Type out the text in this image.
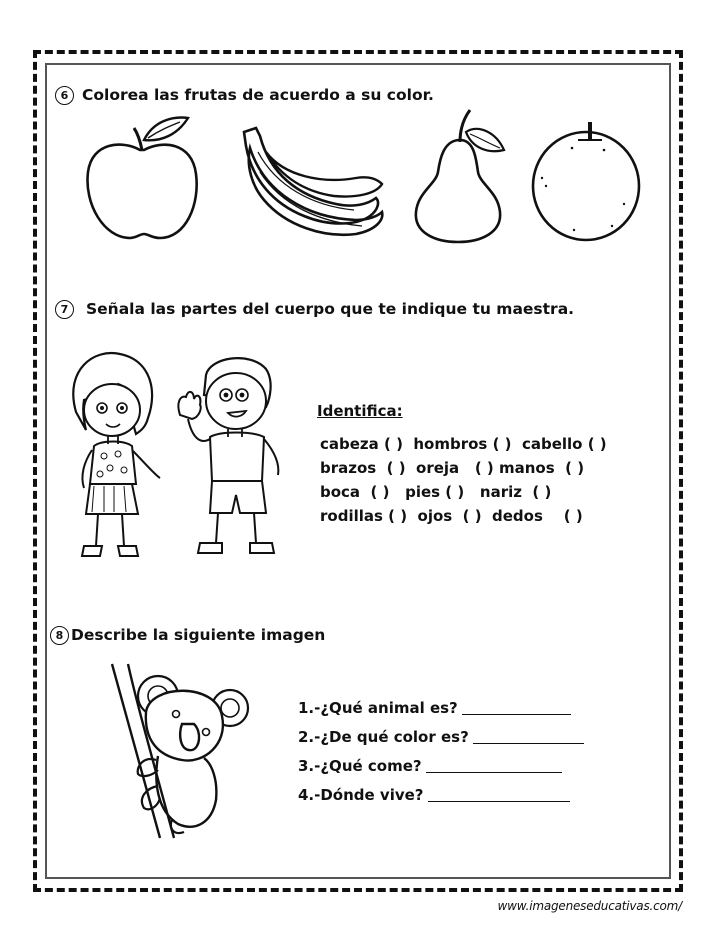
6 Colorea las frutas de acuerdo a su color.
7 Señala las partes del cuerpo que te indique tu maestra.
Identifica:
cabeza ( )  hombros ( )  cabello ( )
brazos  ( )  oreja   ( ) manos  ( )
boca  ( )   pies ( )   nariz  ( )
rodillas ( )  ojos  ( )  dedos    ( )
8 Describe la siguiente imagen
1.-¿Qué animal es?
2.-¿De qué color es?
3.-¿Qué come?
4.-Dónde vive?
www.imageneseducativas.com/
